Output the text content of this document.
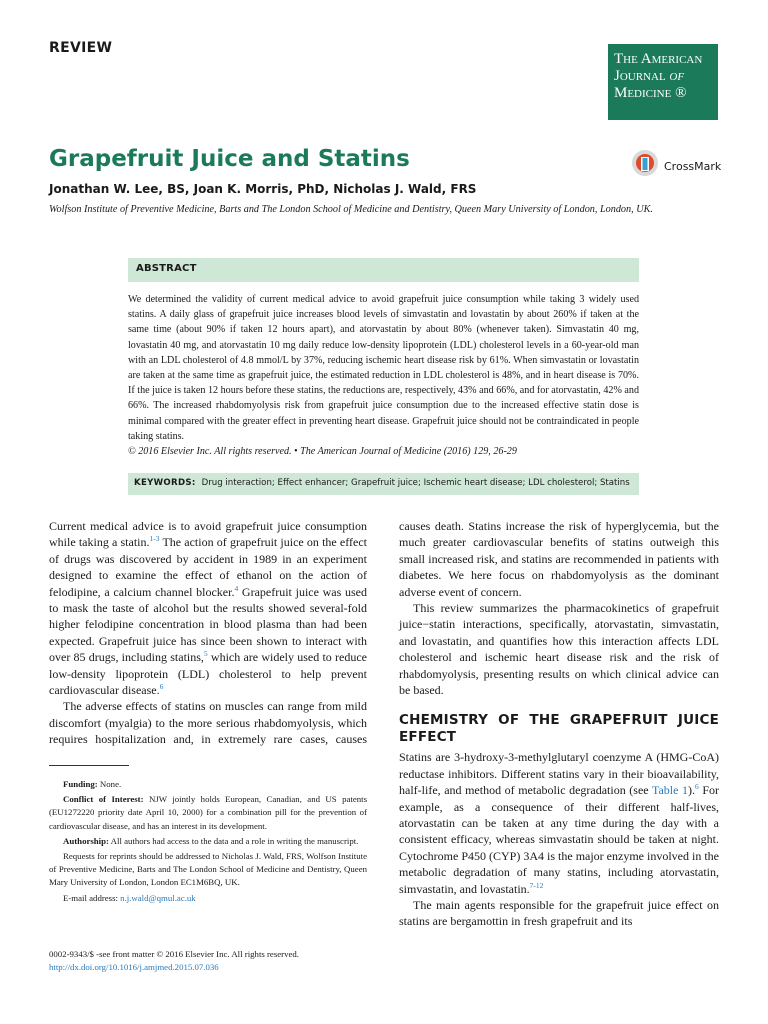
REVIEW
The American
Journal of
Medicine ®
Grapefruit Juice and Statins	CrossMark
Jonathan W. Lee, BS, Joan K. Morris, PhD, Nicholas J. Wald, FRS
Wolfson Institute of Preventive Medicine, Barts and The London School of Medicine and Dentistry, Queen Mary University of London, London, UK.
ABSTRACT
We determined the validity of current medical advice to avoid grapefruit juice consumption while taking 3 widely used statins. A daily glass of grapefruit juice increases blood levels of simvastatin and lovastatin by about 260% if taken at the same time (about 90% if taken 12 hours apart), and atorvastatin by about 80% (whenever taken). Simvastatin 40 mg, lovastatin 40 mg, and atorvastatin 10 mg daily reduce low-density lipoprotein (LDL) cholesterol levels in a 60-year-old man with an LDL cholesterol of 4.8 mmol/L by 37%, reducing ischemic heart disease risk by 61%. When simvastatin or lovastatin are taken at the same time as grapefruit juice, the estimated reduction in LDL cholesterol is 48%, and in heart disease is 70%. If the juice is taken 12 hours before these statins, the reductions are, respectively, 43% and 66%, and for atorvastatin, 42% and 66%. The increased rhabdomyolysis risk from grapefruit juice consumption due to the increased effective statin dose is minimal compared with the greater effect in preventing heart disease. Grapefruit juice should not be contraindicated in people taking statins.
© 2016 Elsevier Inc. All rights reserved. • The American Journal of Medicine (2016) 129, 26-29
KEYWORDS: Drug interaction; Effect enhancer; Grapefruit juice; Ischemic heart disease; LDL cholesterol; Statins

Current medical advice is to avoid grapefruit juice consumption while taking a statin.$^{1-3}$ The action of grapefruit juice on the effect of drugs was discovered by accident in 1989 in an experiment designed to examine the effect of ethanol on the action of felodipine, a calcium channel blocker.$^4$ Grapefruit juice was used to mask the taste of alcohol but the results showed several-fold higher felodipine concentration in blood plasma than had been expected. Grapefruit juice has since been shown to interact with over 85 drugs, including statins,$^5$ which are widely used to reduce low-density lipoprotein (LDL) cholesterol to help prevent cardiovascular disease.$^6$

The adverse effects of statins on muscles can range from mild discomfort (myalgia) to the more serious rhabdomyolysis, which requires hospitalization and, in extremely rare cases, causes

Funding: None.

Conflict of Interest: NJW jointly holds European, Canadian, and US patents (EU1272220 priority date April 10, 2000) for a combination pill for the prevention of cardiovascular disease, and has an interest in its development.

Authorship: All authors had access to the data and a role in writing the manuscript.

Requests for reprints should be addressed to Nicholas J. Wald, FRS, Wolfson Institute of Preventive Medicine, Barts and The London School of Medicine and Dentistry, Queen Mary University of London, London EC1M6BQ, UK.

E-mail address: n.j.wald@qmul.ac.uk

0002-9343/$ -see front matter © 2016 Elsevier Inc. All rights reserved.
http://dx.doi.org/10.1016/j.amjmed.2015.07.036

causes death. Statins increase the risk of hyperglycemia, but the much greater cardiovascular benefits of statins outweigh this small increased risk, and statins are recommended in patients with diabetes. We here focus on rhabdomyolysis as the dominant adverse event of concern.

This review summarizes the pharmacokinetics of grapefruit juice−statin interactions, specifically, atorvastatin, simvastatin, and lovastatin, and quantifies how this interaction affects LDL cholesterol and ischemic heart disease risk and the risk of rhabdomyolysis, presenting results on which clinical advice can be based.

CHEMISTRY OF THE GRAPEFRUIT JUICE EFFECT

Statins are 3-hydroxy-3-methylglutaryl coenzyme A (HMG-CoA) reductase inhibitors. Different statins vary in their bioavailability, half-life, and method of metabolic degradation (see Table 1).$^6$ For example, as a consequence of their different half-lives, atorvastatin can be taken at any time during the day with a consistent efficacy, whereas simvastatin should be taken at night. Cytochrome P450 (CYP) 3A4 is the major enzyme involved in the metabolic degradation of many statins, including atorvastatin, simvastatin, and lovastatin.$^{7-12}$

The main agents responsible for the grapefruit juice effect on statins are bergamottin in fresh grapefruit and its
